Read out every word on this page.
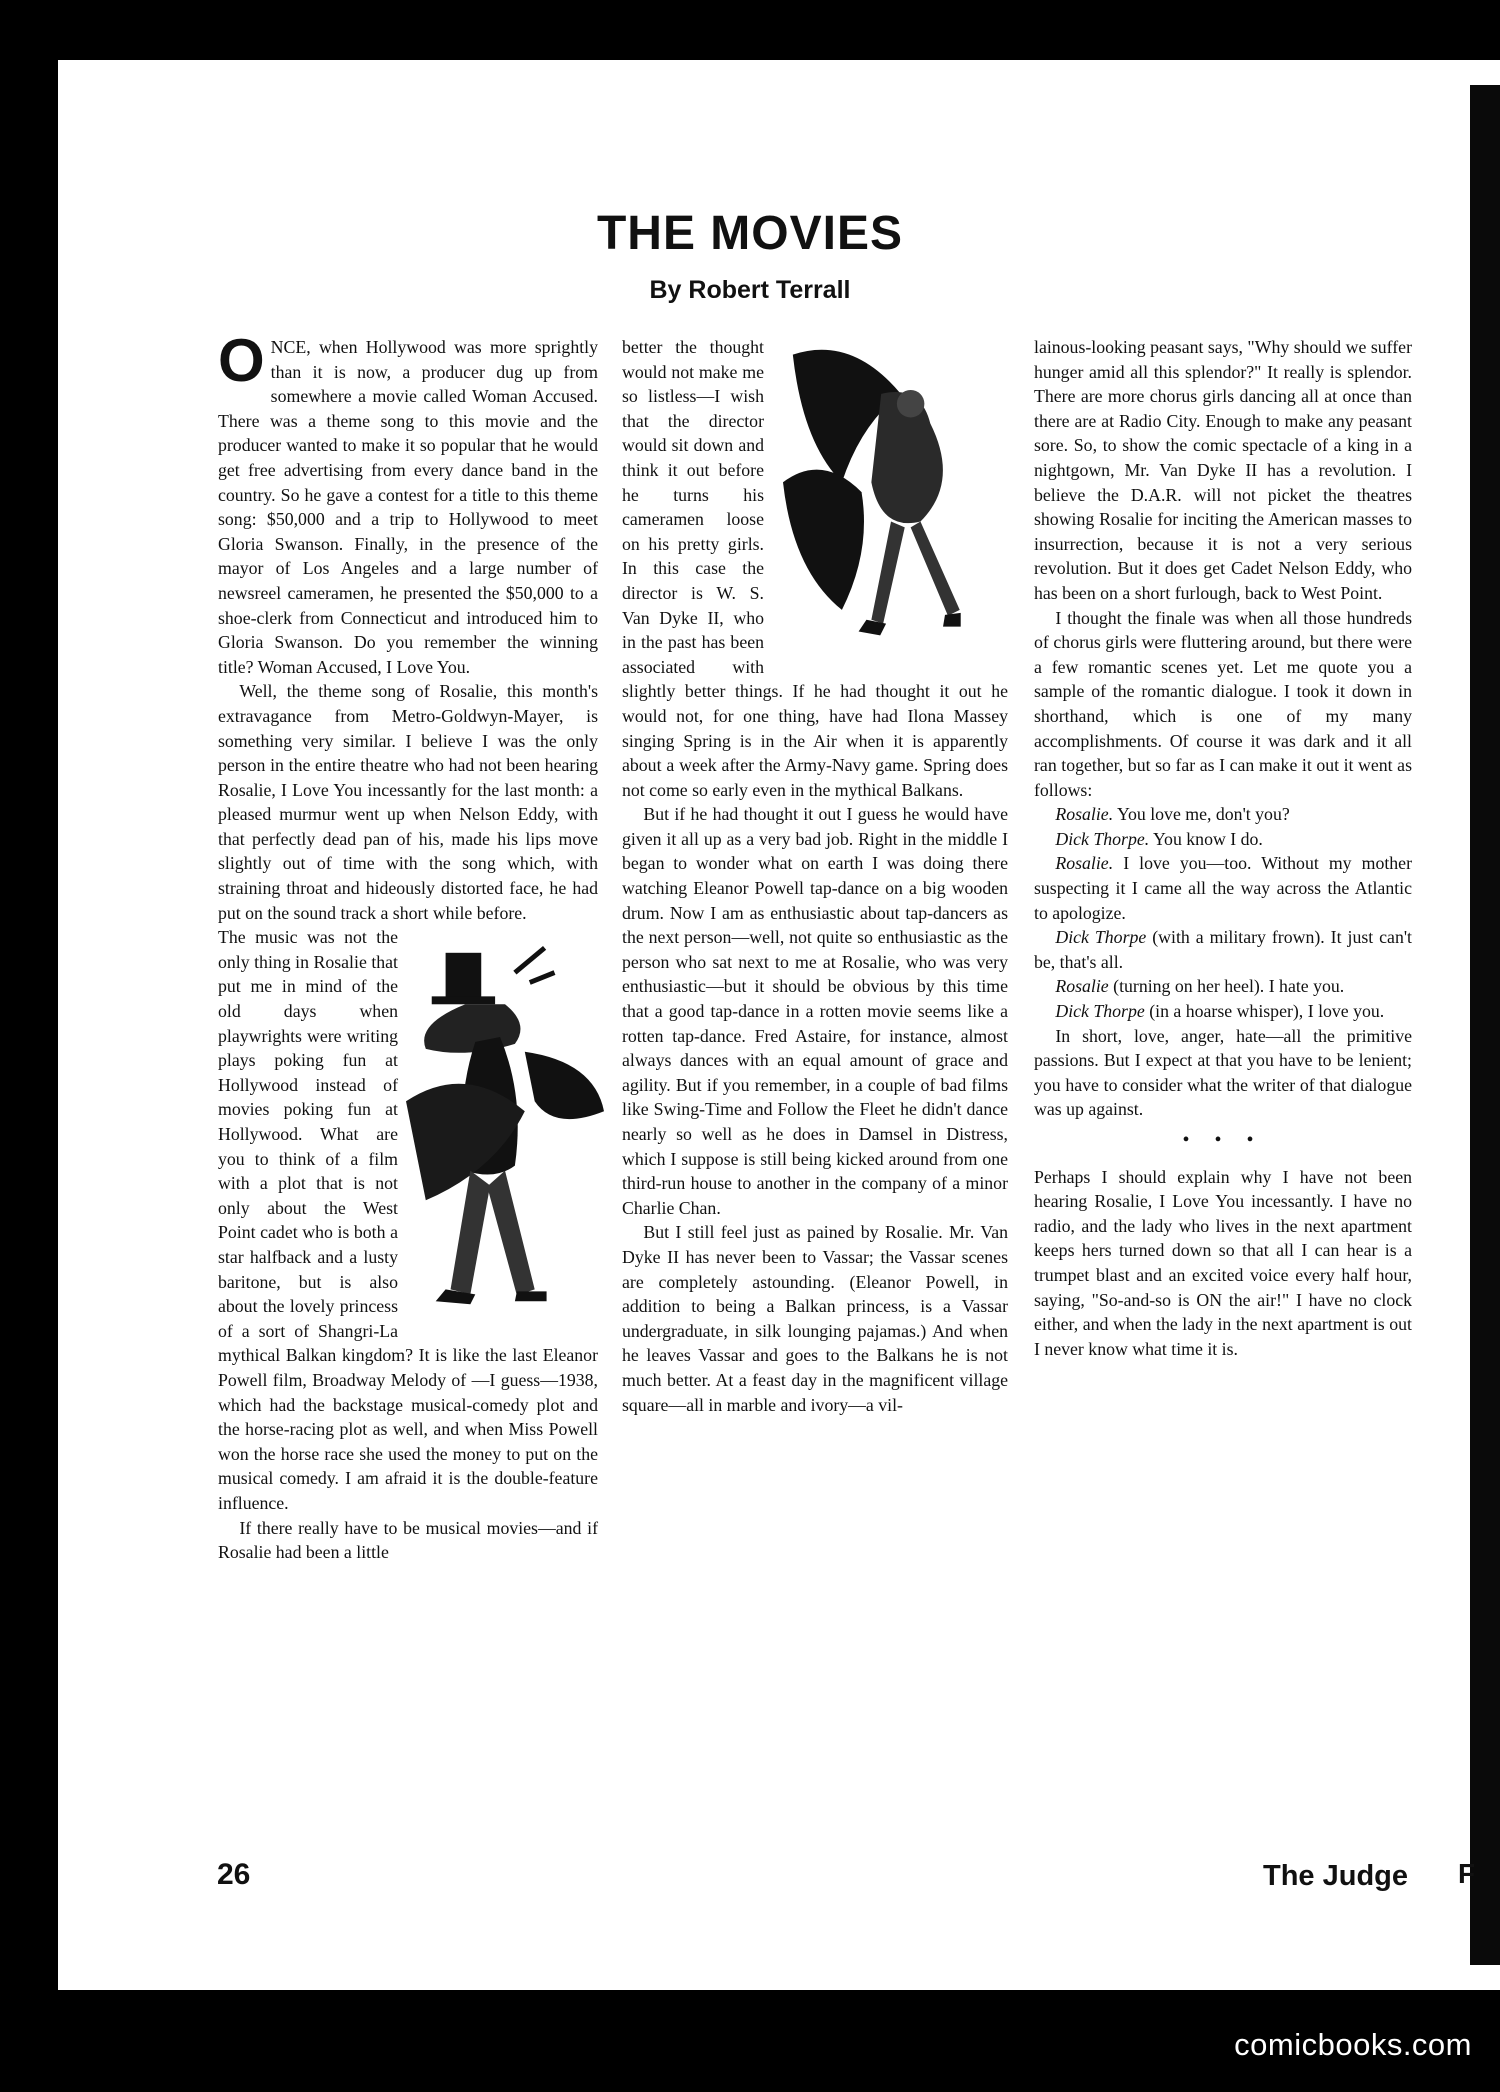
F
THE MOVIES
By Robert Terrall

ONCE, when Hollywood was more sprightly than it is now, a producer dug up from somewhere a movie called Woman Accused. There was a theme song to this movie and the producer wanted to make it so popular that he would get free advertising from every dance band in the country. So he gave a contest for a title to this theme song: $50,000 and a trip to Hollywood to meet Gloria Swanson. Finally, in the presence of the mayor of Los Angeles and a large number of newsreel cameramen, he presented the $50,000 to a shoe-clerk from Connecticut and introduced him to Gloria Swanson. Do you remember the winning title? Woman Accused, I Love You.

Well, the theme song of Rosalie, this month's extravagance from Metro-Goldwyn-Mayer, is something very similar. I believe I was the only person in the entire theatre who had not been hearing Rosalie, I Love You incessantly for the last month: a pleased murmur went up when Nelson Eddy, with that perfectly dead pan of his, made his lips move slightly out of time with the song which, with straining throat and hideously distorted face, he had put on the sound track a short while before.

The music was not the only thing in Rosalie that put me in mind of the old days when playwrights were writing plays poking fun at Hollywood instead of movies poking fun at Hollywood. What are you to think of a film with a plot that is not only about the West Point cadet who is both a star halfback and a lusty baritone, but is also about the lovely princess of a sort of Shangri-La mythical Balkan kingdom? It is like the last Eleanor Powell film, Broadway Melody of —I guess—1938, which had the backstage musical-comedy plot and the horse-racing plot as well, and when Miss Powell won the horse race she used the money to put on the musical comedy. I am afraid it is the double-feature influence.

If there really have to be musical movies—and if Rosalie had been a little

better the thought would not make me so listless—I wish that the director would sit down and think it out before he turns his cameramen loose on his pretty girls. In this case the director is W. S. Van Dyke II, who in the past has been associated with slightly better things. If he had thought it out he would not, for one thing, have had Ilona Massey singing Spring is in the Air when it is apparently about a week after the Army-Navy game. Spring does not come so early even in the mythical Balkans.

But if he had thought it out I guess he would have given it all up as a very bad job. Right in the middle I began to wonder what on earth I was doing there watching Eleanor Powell tap-dance on a big wooden drum. Now I am as enthusiastic about tap-dancers as the next person—well, not quite so enthusiastic as the person who sat next to me at Rosalie, who was very enthusiastic—but it should be obvious by this time that a good tap-dance in a rotten movie seems like a rotten tap-dance. Fred Astaire, for instance, almost always dances with an equal amount of grace and agility. But if you remember, in a couple of bad films like Swing-Time and Follow the Fleet he didn't dance nearly so well as he does in Damsel in Distress, which I suppose is still being kicked around from one third-run house to another in the company of a minor Charlie Chan.

But I still feel just as pained by Rosalie. Mr. Van Dyke II has never been to Vassar; the Vassar scenes are completely astounding. (Eleanor Powell, in addition to being a Balkan princess, is a Vassar undergraduate, in silk lounging pajamas.) And when he leaves Vassar and goes to the Balkans he is not much better. At a feast day in the magnificent village square—all in marble and ivory—a vil-

lainous-looking peasant says, "Why should we suffer hunger amid all this splendor?" It really is splendor. There are more chorus girls dancing all at once than there are at Radio City. Enough to make any peasant sore. So, to show the comic spectacle of a king in a nightgown, Mr. Van Dyke II has a revolution. I believe the D.A.R. will not picket the theatres showing Rosalie for inciting the American masses to insurrection, because it is not a very serious revolution. But it does get Cadet Nelson Eddy, who has been on a short furlough, back to West Point.

I thought the finale was when all those hundreds of chorus girls were fluttering around, but there were a few romantic scenes yet. Let me quote you a sample of the romantic dialogue. I took it down in shorthand, which is one of my many accomplishments. Of course it was dark and it all ran together, but so far as I can make it out it went as follows:

Rosalie. You love me, don't you?

Dick Thorpe. You know I do.

Rosalie. I love you—too. Without my mother suspecting it I came all the way across the Atlantic to apologize.

Dick Thorpe (with a military frown). It just can't be, that's all.

Rosalie (turning on her heel). I hate you.

Dick Thorpe (in a hoarse whisper), I love you.

In short, love, anger, hate—all the primitive passions. But I expect at that you have to be lenient; you have to consider what the writer of that dialogue was up against.

• • •

Perhaps I should explain why I have not been hearing Rosalie, I Love You incessantly. I have no radio, and the lady who lives in the next apartment keeps hers turned down so that all I can hear is a trumpet blast and an excited voice every half hour, saying, "So-and-so is ON the air!" I have no clock either, and when the lady in the next apartment is out I never know what time it is.

26	The Judge
comicbooks.com
